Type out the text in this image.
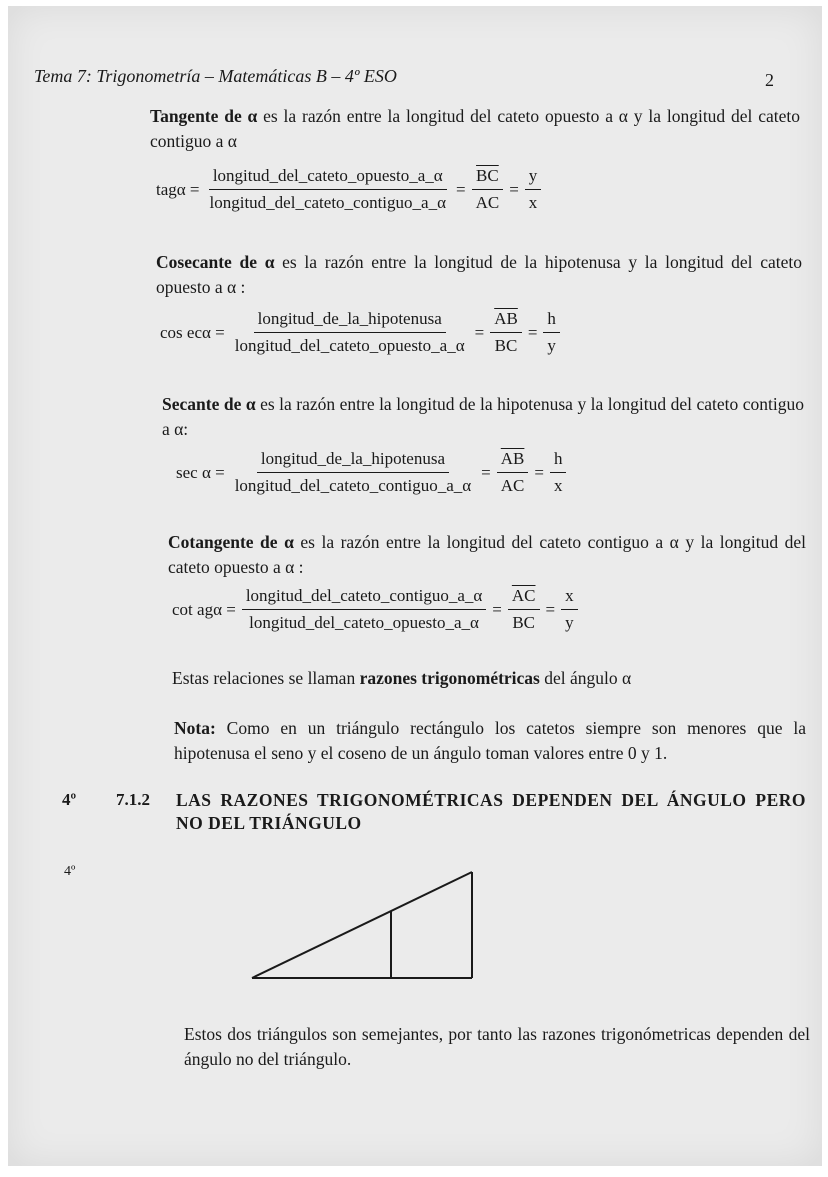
Tema 7: Trigonometría – Matemáticas B – 4º ESO	2
Tangente de α es la razón entre la longitud del cateto opuesto a α y la longitud del cateto contiguo a α
$tag\alpha = \frac{\text{longitud\_del\_cateto\_opuesto\_a\_α}}{\text{longitud\_del\_cateto\_contiguo\_a\_α}} = \frac{\overline{BC}}{AC} = \frac{y}{x}$
Cosecante de α es la razón entre la longitud de la hipotenusa y la longitud del cateto opuesto a α :
$\cos ec\alpha = \frac{\text{longitud\_de\_la\_hipotenusa}}{\text{longitud\_del\_cateto\_opuesto\_a\_α}} = \frac{\overline{AB}}{BC} = \frac{h}{y}$
Secante de α es la razón entre la longitud de la hipotenusa y la longitud del cateto contiguo a α:
$\sec \alpha = \frac{\text{longitud\_de\_la\_hipotenusa}}{\text{longitud\_del\_cateto\_contiguo\_a\_α}} = \frac{\overline{AB}}{AC} = \frac{h}{x}$
Cotangente de α es la razón entre la longitud del cateto contiguo a α y la longitud del cateto opuesto a α :
$\cot ag\alpha = \frac{\text{longitud\_del\_cateto\_contiguo\_a\_α}}{\text{longitud\_del\_cateto\_opuesto\_a\_α}} = \frac{\overline{AC}}{BC} = \frac{x}{y}$
Estas relaciones se llaman razones trigonométricas del ángulo α
Nota: Como en un triángulo rectángulo los catetos siempre son menores que la hipotenusa el seno y el coseno de un ángulo toman valores entre 0 y 1.
4º 7.1.2 LAS RAZONES TRIGONOMÉTRICAS DEPENDEN DEL ÁNGULO PERO NO DEL TRIÁNGULO
4º
Estos dos triángulos son semejantes, por tanto las razones trigonómetricas dependen del ángulo no del triángulo.
